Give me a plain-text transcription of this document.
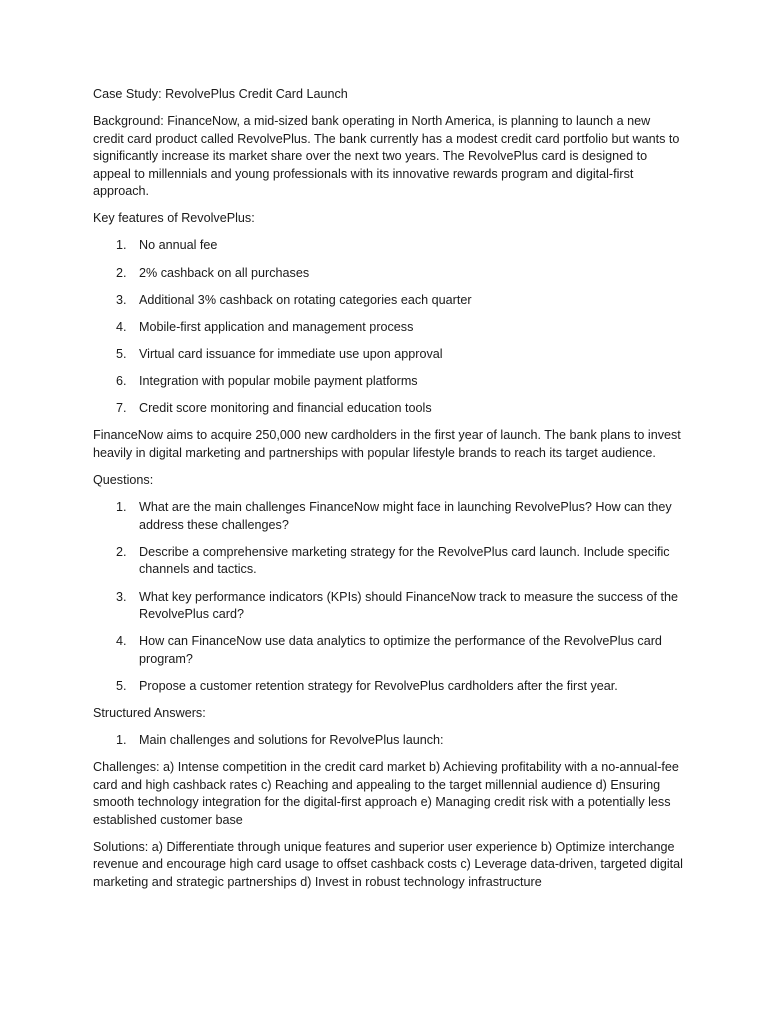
Case Study: RevolvePlus Credit Card Launch

Background: FinanceNow, a mid-sized bank operating in North America, is planning to launch a new credit card product called RevolvePlus. The bank currently has a modest credit card portfolio but wants to significantly increase its market share over the next two years. The RevolvePlus card is designed to appeal to millennials and young professionals with its innovative rewards program and digital-first approach.

Key features of RevolvePlus:

1. No annual fee
2. 2% cashback on all purchases
3. Additional 3% cashback on rotating categories each quarter
4. Mobile-first application and management process
5. Virtual card issuance for immediate use upon approval
6. Integration with popular mobile payment platforms
7. Credit score monitoring and financial education tools

FinanceNow aims to acquire 250,000 new cardholders in the first year of launch. The bank plans to invest heavily in digital marketing and partnerships with popular lifestyle brands to reach its target audience.

Questions:

1. What are the main challenges FinanceNow might face in launching RevolvePlus? How can they address these challenges?
2. Describe a comprehensive marketing strategy for the RevolvePlus card launch. Include specific channels and tactics.
3. What key performance indicators (KPIs) should FinanceNow track to measure the success of the RevolvePlus card?
4. How can FinanceNow use data analytics to optimize the performance of the RevolvePlus card program?
5. Propose a customer retention strategy for RevolvePlus cardholders after the first year.

Structured Answers:

1. Main challenges and solutions for RevolvePlus launch:

Challenges: a) Intense competition in the credit card market b) Achieving profitability with a no-annual-fee card and high cashback rates c) Reaching and appealing to the target millennial audience d) Ensuring smooth technology integration for the digital-first approach e) Managing credit risk with a potentially less established customer base

Solutions: a) Differentiate through unique features and superior user experience b) Optimize interchange revenue and encourage high card usage to offset cashback costs c) Leverage data-driven, targeted digital marketing and strategic partnerships d) Invest in robust technology infrastructure
